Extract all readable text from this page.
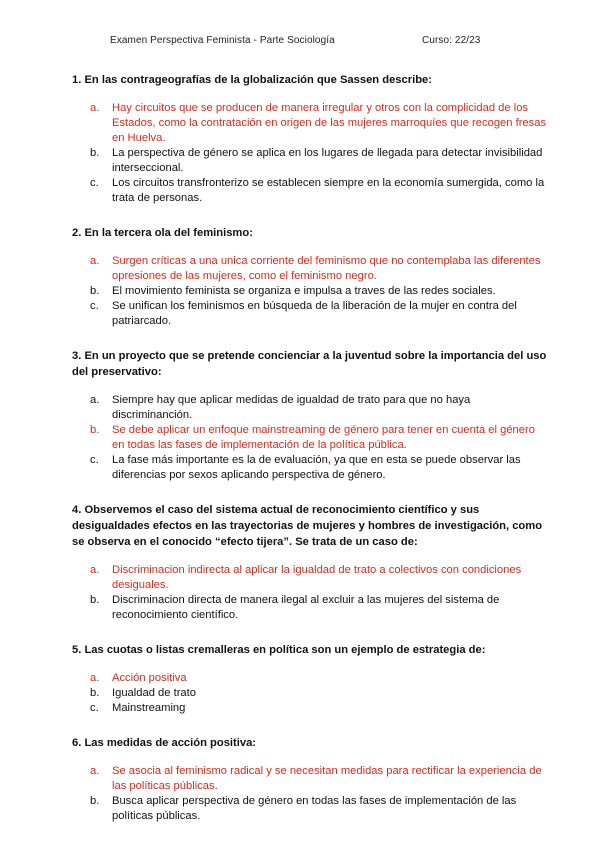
Examen Perspectiva Feminista - Parte Sociología	Curso: 22/23
1. En las contrageografías de la globalización que Sassen describe:
a.	Hay circuitos que se producen de manera irregular y otros con la complicidad de los Estados, como la contratación en origen de las mujeres marroquíes que recogen fresas en Huelva.
b.	La perspectiva de género se aplica en los lugares de llegada para detectar invisibilidad interseccional.
c.	Los circuitos transfronterizo se establecen siempre en la economía sumergida, como la trata de personas.
2. En la tercera ola del feminismo:
a.	Surgen críticas a una unica corriente del feminismo que no contemplaba las diferentes opresiones de las mujeres, como el feminismo negro.
b.	El movimiento feminista se organiza e impulsa a traves de las redes sociales.
c.	Se unifican los feminismos en búsqueda de la liberación de la mujer en contra del patriarcado.
3. En un proyecto que se pretende concienciar a la juventud sobre la importancia del uso del preservativo:
a.	Siempre hay que aplicar medidas de igualdad de trato para que no haya discriminanción.
b.	Se debe aplicar un enfoque mainstreaming de género para tener en cuenta el género en todas las fases de implementación de la política pública.
c.	La fase más importante es la de evaluación, ya que en esta se puede observar las diferencias por sexos aplicando perspectiva de género.
4. Observemos el caso del sistema actual de reconocimiento científico y sus desigualdades efectos en las trayectorias de mujeres y hombres de investigación, como se observa en el conocido “efecto tijera”. Se trata de un caso de:
a.	Discriminacion indirecta al aplicar la igualdad de trato a colectivos con condiciones desiguales.
b.	Discriminacion directa de manera ilegal al excluir a las mujeres del sistema de reconocimiento científico.
5. Las cuotas o listas cremalleras en política son un ejemplo de estrategia de:
a.	Acción positiva
b.	Igualdad de trato
c.	Mainstreaming
6. Las medidas de acción positiva:
a.	Se asocia al feminismo radical y se necesitan medidas para rectificar la experiencia de las políticas públicas.
b.	Busca aplicar perspectiva de género en todas las fases de implementación de las políticas públicas.
